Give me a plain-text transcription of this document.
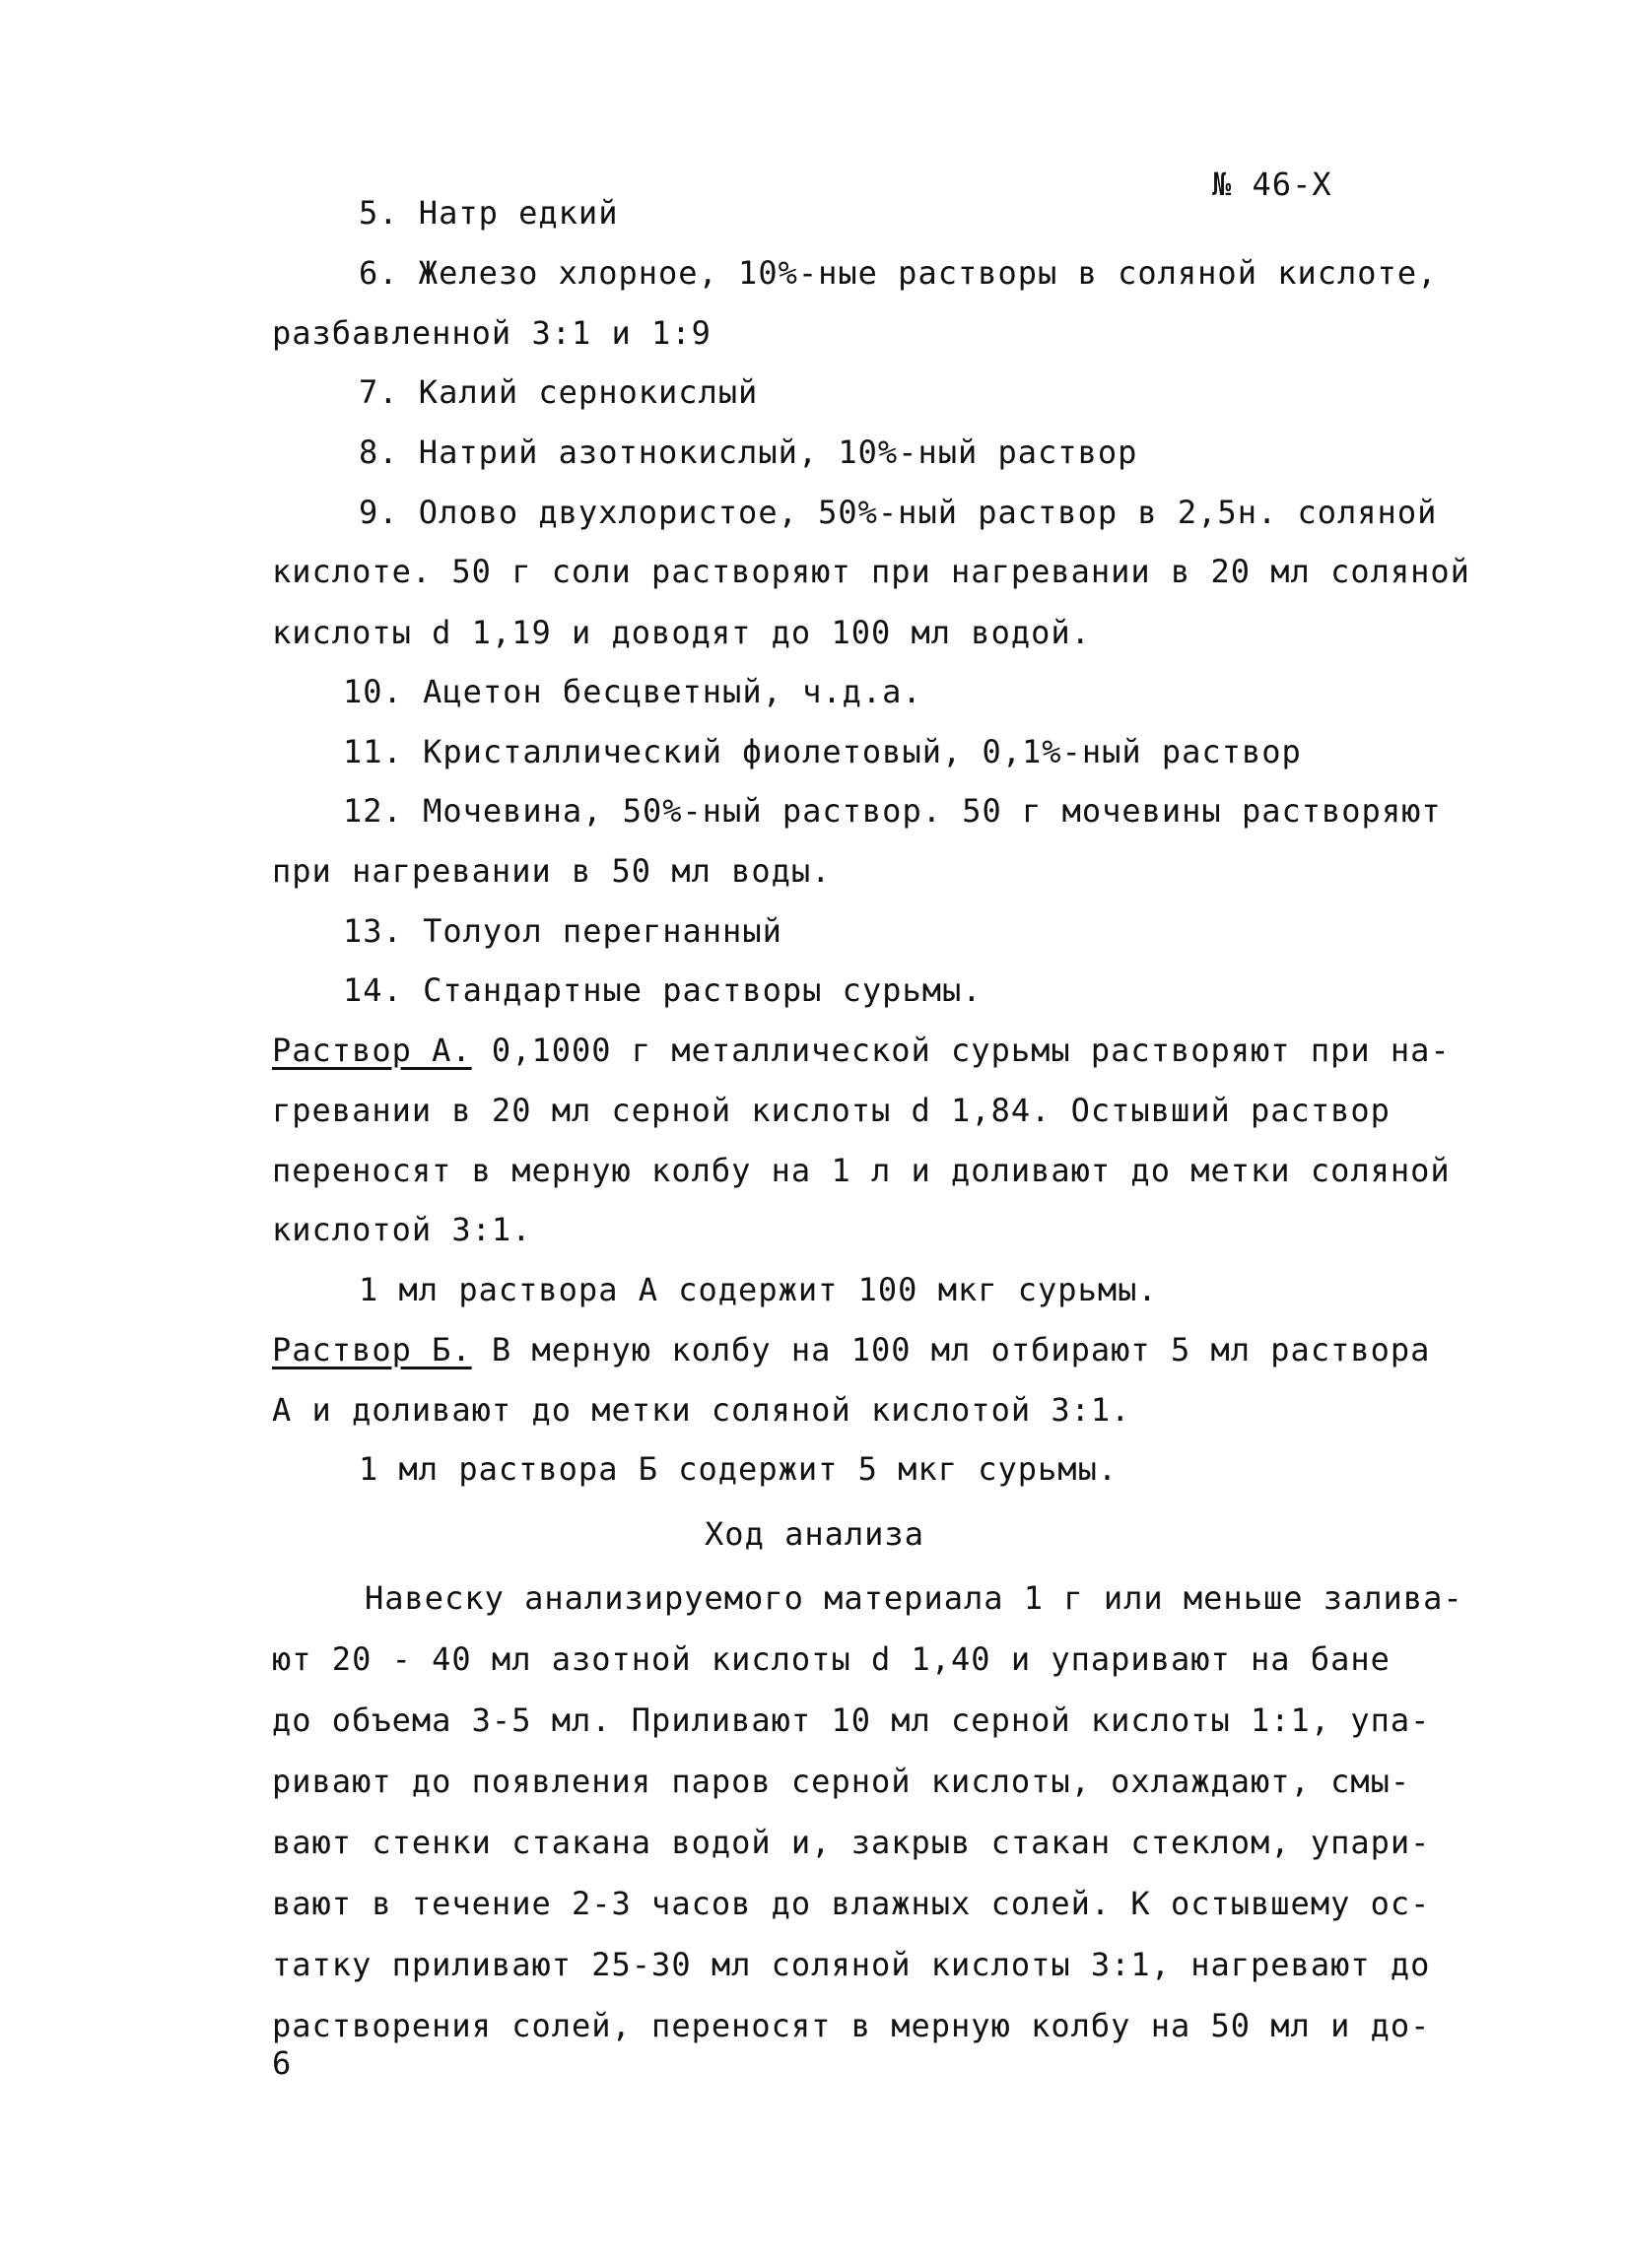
№ 46-Х
5. Натр едкий
6. Железо хлорное, 10%-ные растворы в соляной кислоте,
разбавленной 3:1 и 1:9
7. Калий сернокислый
8. Натрий азотнокислый, 10%-ный раствор
9. Олово двухлористое, 50%-ный раствор в 2,5н. соляной
кислоте. 50 г соли растворяют при нагревании в 20 мл соляной
кислоты d 1,19 и доводят до 100 мл водой.
10. Ацетон бесцветный, ч.д.а.
11. Кристаллический фиолетовый, 0,1%-ный раствор
12. Мочевина, 50%-ный раствор. 50 г мочевины растворяют
при нагревании в 50 мл воды.
13. Толуол перегнанный
14. Стандартные растворы сурьмы.
Раствор А. 0,1000 г металлической сурьмы растворяют при на-
гревании в 20 мл серной кислоты d 1,84. Остывший раствор
переносят в мерную колбу на 1 л и доливают до метки соляной
кислотой 3:1.
1 мл раствора А содержит 100 мкг сурьмы.
Раствор Б. В мерную колбу на 100 мл отбирают 5 мл раствора
А и доливают до метки соляной кислотой 3:1.
1 мл раствора Б содержит 5 мкг сурьмы.
Ход анализа
Навеску анализируемого материала 1 г или меньше залива-
ют 20 - 40 мл азотной кислоты d 1,40 и упаривают на бане
до объема 3-5 мл. Приливают 10 мл серной кислоты 1:1, упа-
ривают до появления паров серной кислоты, охлаждают, смы-
вают стенки стакана водой и, закрыв стакан стеклом, упари-
вают в течение 2-3 часов до влажных солей. К остывшему ос-
татку приливают 25-30 мл соляной кислоты 3:1, нагревают до
растворения солей, переносят в мерную колбу на 50 мл и до-
6
